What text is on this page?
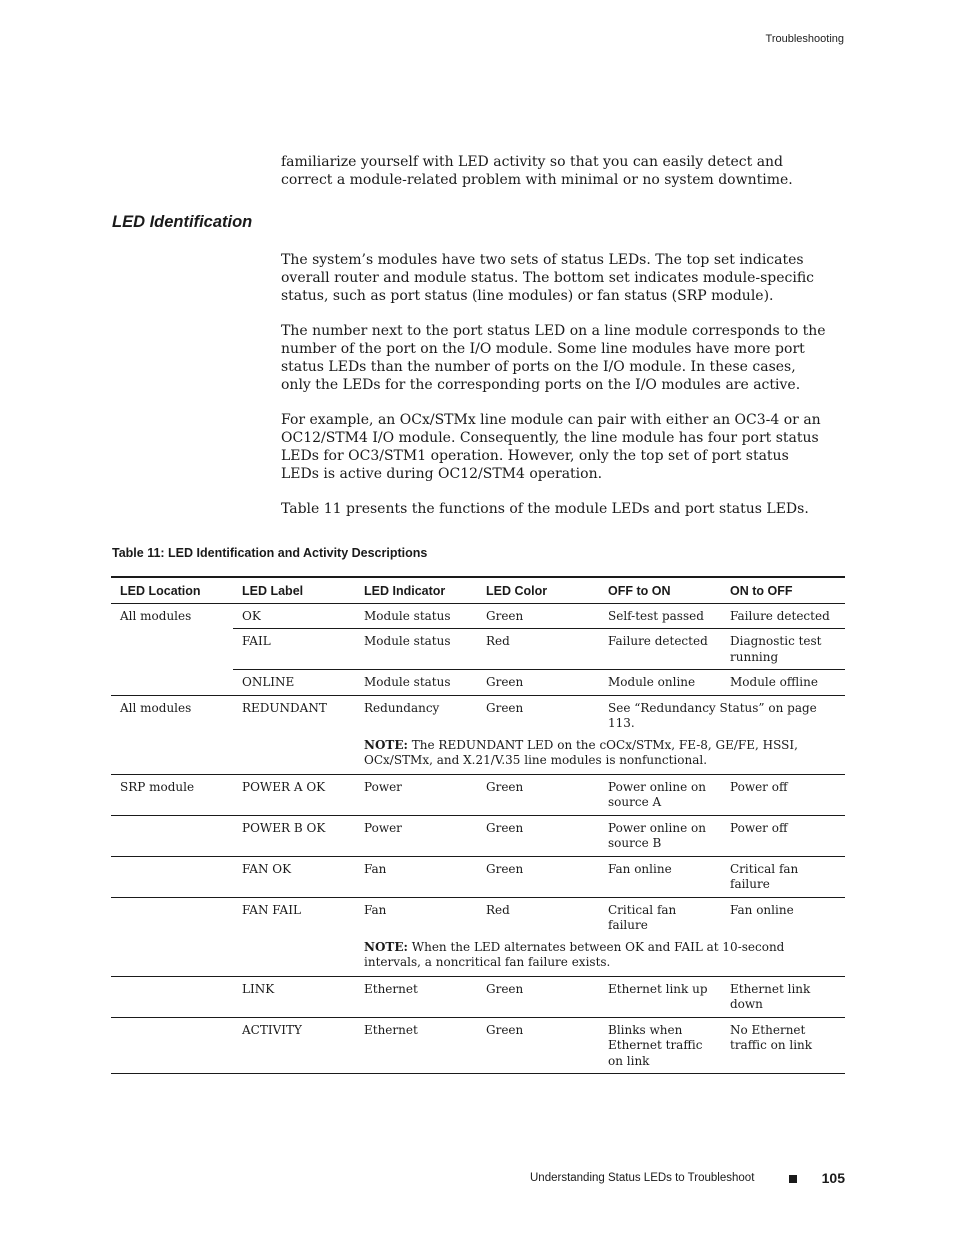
Troubleshooting

familiarize yourself with LED activity so that you can easily detect and correct a module-related problem with minimal or no system downtime.

LED Identification

The system’s modules have two sets of status LEDs. The top set indicates overall router and module status. The bottom set indicates module-specific status, such as port status (line modules) or fan status (SRP module).

The number next to the port status LED on a line module corresponds to the number of the port on the I/O module. Some line modules have more port status LEDs than the number of ports on the I/O module. In these cases, only the LEDs for the corresponding ports on the I/O modules are active.

For example, an OCx/STMx line module can pair with either an OC3-4 or an OC12/STM4 I/O module. Consequently, the line module has four port status LEDs for OC3/STM1 operation. However, only the top set of port status LEDs is active during OC12/STM4 operation.

Table 11 presents the functions of the module LEDs and port status LEDs.

Table 11: LED Identification and Activity Descriptions

LED Location	LED Label	LED Indicator	LED Color	OFF to ON	ON to OFF
All modules	OK	Module status	Green	Self-test passed	Failure detected
	FAIL	Module status	Red	Failure detected	Diagnostic test running
	ONLINE	Module status	Green	Module online	Module offline

All modules	REDUNDANT	Redundancy	Green	See “Redundancy Status” on page 113.	
		NOTE: The REDUNDANT LED on the cOCx/STMx, FE-8, GE/FE, HSSI, OCx/STMx, and X.21/V.35 line modules is nonfunctional.			
SRP module	POWER A OK	Power	Green	Power online on source A	Power off
	POWER B OK	Power	Green	Power online on source B	Power off
	FAN OK	Fan	Green	Fan online	Critical fan failure
	FAN FAIL	Fan	Red	Critical fan failure	Fan online
		NOTE: When the LED alternates between OK and FAIL at 10-second intervals, a noncritical fan failure exists.			
	LINK	Ethernet	Green	Ethernet link up	Ethernet link down
	ACTIVITY	Ethernet	Green	Blinks when Ethernet traffic on link	No Ethernet traffic on link
Understanding Status LEDs to Troubleshoot	105
